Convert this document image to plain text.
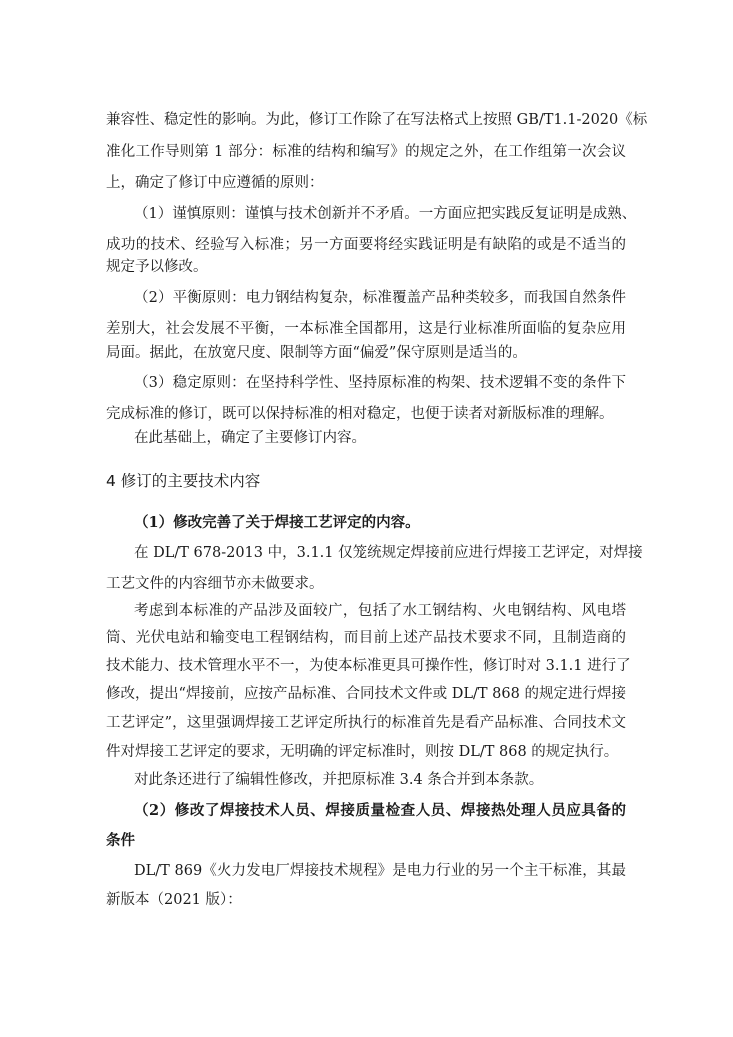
兼容性、稳定性的影响。为此，修订工作除了在写法格式上按照 GB/T1.1-2020《标
准化工作导则第 1 部分：标准的结构和编写》的规定之外，在工作组第一次会议
上，确定了修订中应遵循的原则：
（1）谨慎原则：谨慎与技术创新并不矛盾。一方面应把实践反复证明是成熟、
成功的技术、经验写入标准；另一方面要将经实践证明是有缺陷的或是不适当的
规定予以修改。
（2）平衡原则：电力钢结构复杂，标准覆盖产品种类较多，而我国自然条件
差别大，社会发展不平衡，一本标准全国都用，这是行业标准所面临的复杂应用
局面。据此，在放宽尺度、限制等方面“偏爱”保守原则是适当的。
（3）稳定原则：在坚持科学性、坚持原标准的构架、技术逻辑不变的条件下
完成标准的修订，既可以保持标准的相对稳定，也便于读者对新版标准的理解。
在此基础上，确定了主要修订内容。
4 修订的主要技术内容
（1）修改完善了关于焊接工艺评定的内容。
在 DL/T 678-2013 中，3.1.1 仅笼统规定焊接前应进行焊接工艺评定，对焊接
工艺文件的内容细节亦未做要求。
考虑到本标准的产品涉及面较广，包括了水工钢结构、火电钢结构、风电塔
筒、光伏电站和输变电工程钢结构，而目前上述产品技术要求不同，且制造商的
技术能力、技术管理水平不一，为使本标准更具可操作性，修订时对 3.1.1 进行了
修改，提出“焊接前，应按产品标准、合同技术文件或 DL/T 868 的规定进行焊接
工艺评定”，这里强调焊接工艺评定所执行的标准首先是看产品标准、合同技术文
件对焊接工艺评定的要求，无明确的评定标准时，则按 DL/T 868 的规定执行。
对此条还进行了编辑性修改，并把原标准 3.4 条合并到本条款。
（2）修改了焊接技术人员、焊接质量检查人员、焊接热处理人员应具备的
条件
DL/T 869《火力发电厂焊接技术规程》是电力行业的另一个主干标准，其最
新版本（2021 版）：
